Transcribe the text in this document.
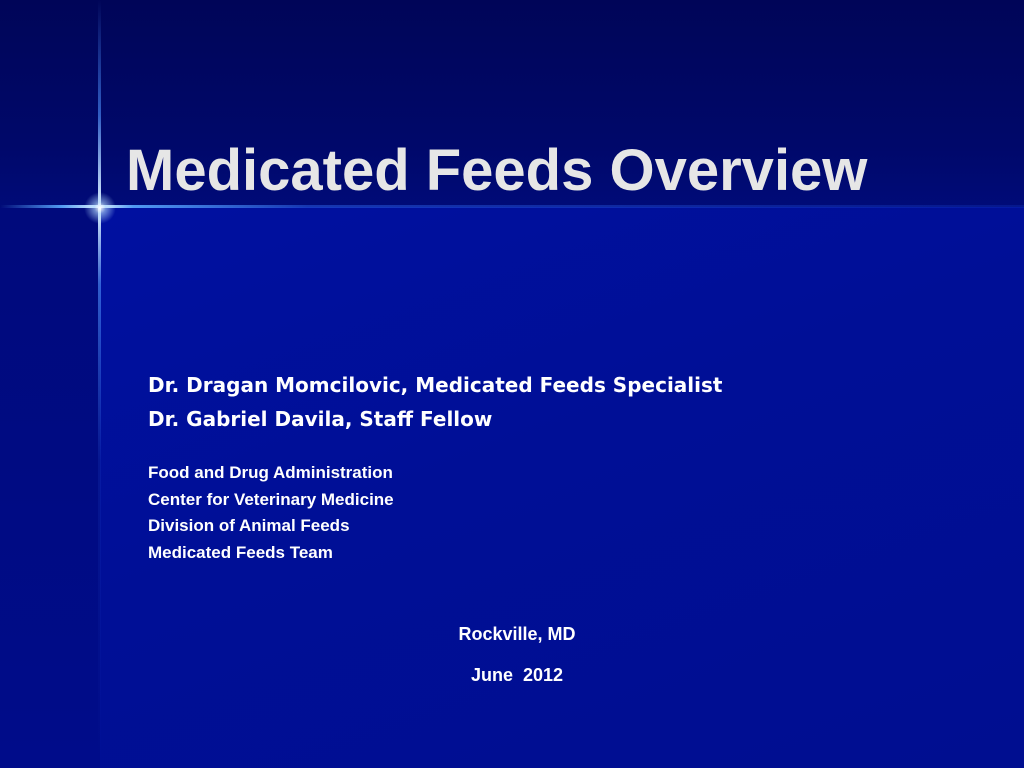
Medicated Feeds Overview
Dr. Dragan Momcilovic, Medicated Feeds Specialist
Dr. Gabriel Davila, Staff Fellow
Food and Drug Administration
Center for Veterinary Medicine
Division of Animal Feeds
Medicated Feeds Team
Rockville, MD
June  2012
